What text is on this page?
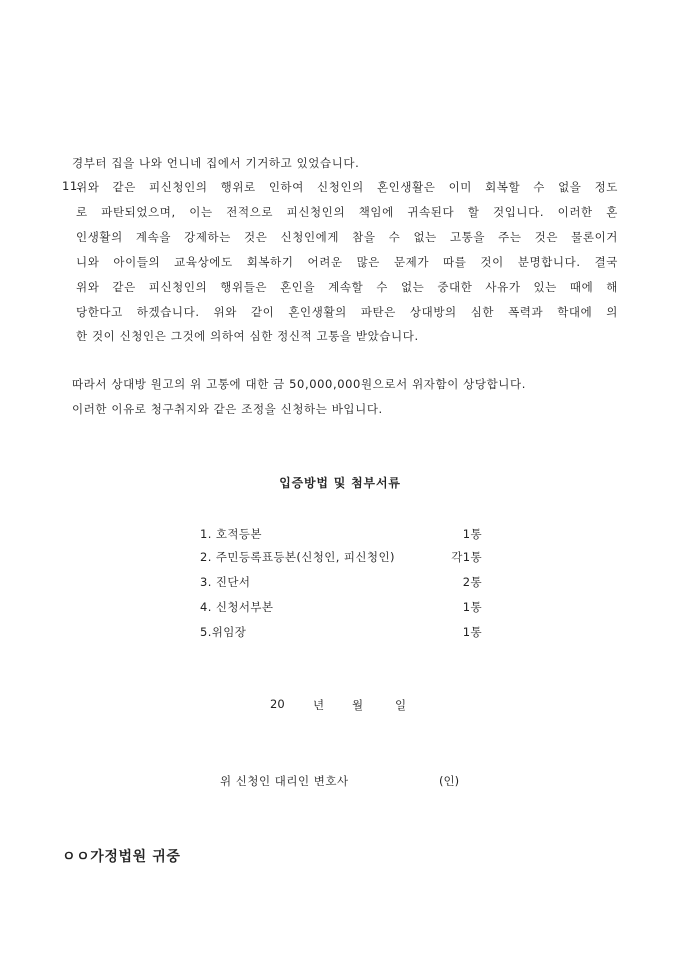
경부터 집을 나와 언니네 집에서 기거하고 있었습니다.
11.
위와 같은 피신청인의 행위로 인하여 신청인의 혼인생활은 이미 회복할 수 없을 정도
로 파탄되었으며, 이는 전적으로 피신청인의 책임에 귀속된다 할 것입니다. 이러한 혼
인생활의 계속을 강제하는 것은 신청인에게 참을 수 없는 고통을 주는 것은 물론이거
니와 아이들의 교육상에도 회복하기 어려운 많은 문제가 따를 것이 분명합니다. 결국
위와 같은 피신청인의 행위들은 혼인을 계속할 수 없는 중대한 사유가 있는 때에 해
당한다고 하겠습니다. 위와 같이 혼인생활의 파탄은 상대방의 심한 폭력과 학대에 의
한 것이 신청인은 그것에 의하여 심한 정신적 고통을 받았습니다.
따라서 상대방 원고의 위 고통에 대한 금 50,000,000원으로서 위자함이 상당합니다.
이러한 이유로 청구취지와 같은 조정을 신청하는 바입니다.
입증방법 및 첨부서류
1. 호적등본	1통
2. 주민등록표등본(신청인, 피신청인)	각1통
3. 진단서	2통
4. 신청서부본	1통
5.위임장	1통
20 년 월	일
위 신청인 대리인 변호사	(인)
ㅇㅇ가정법원 귀중
